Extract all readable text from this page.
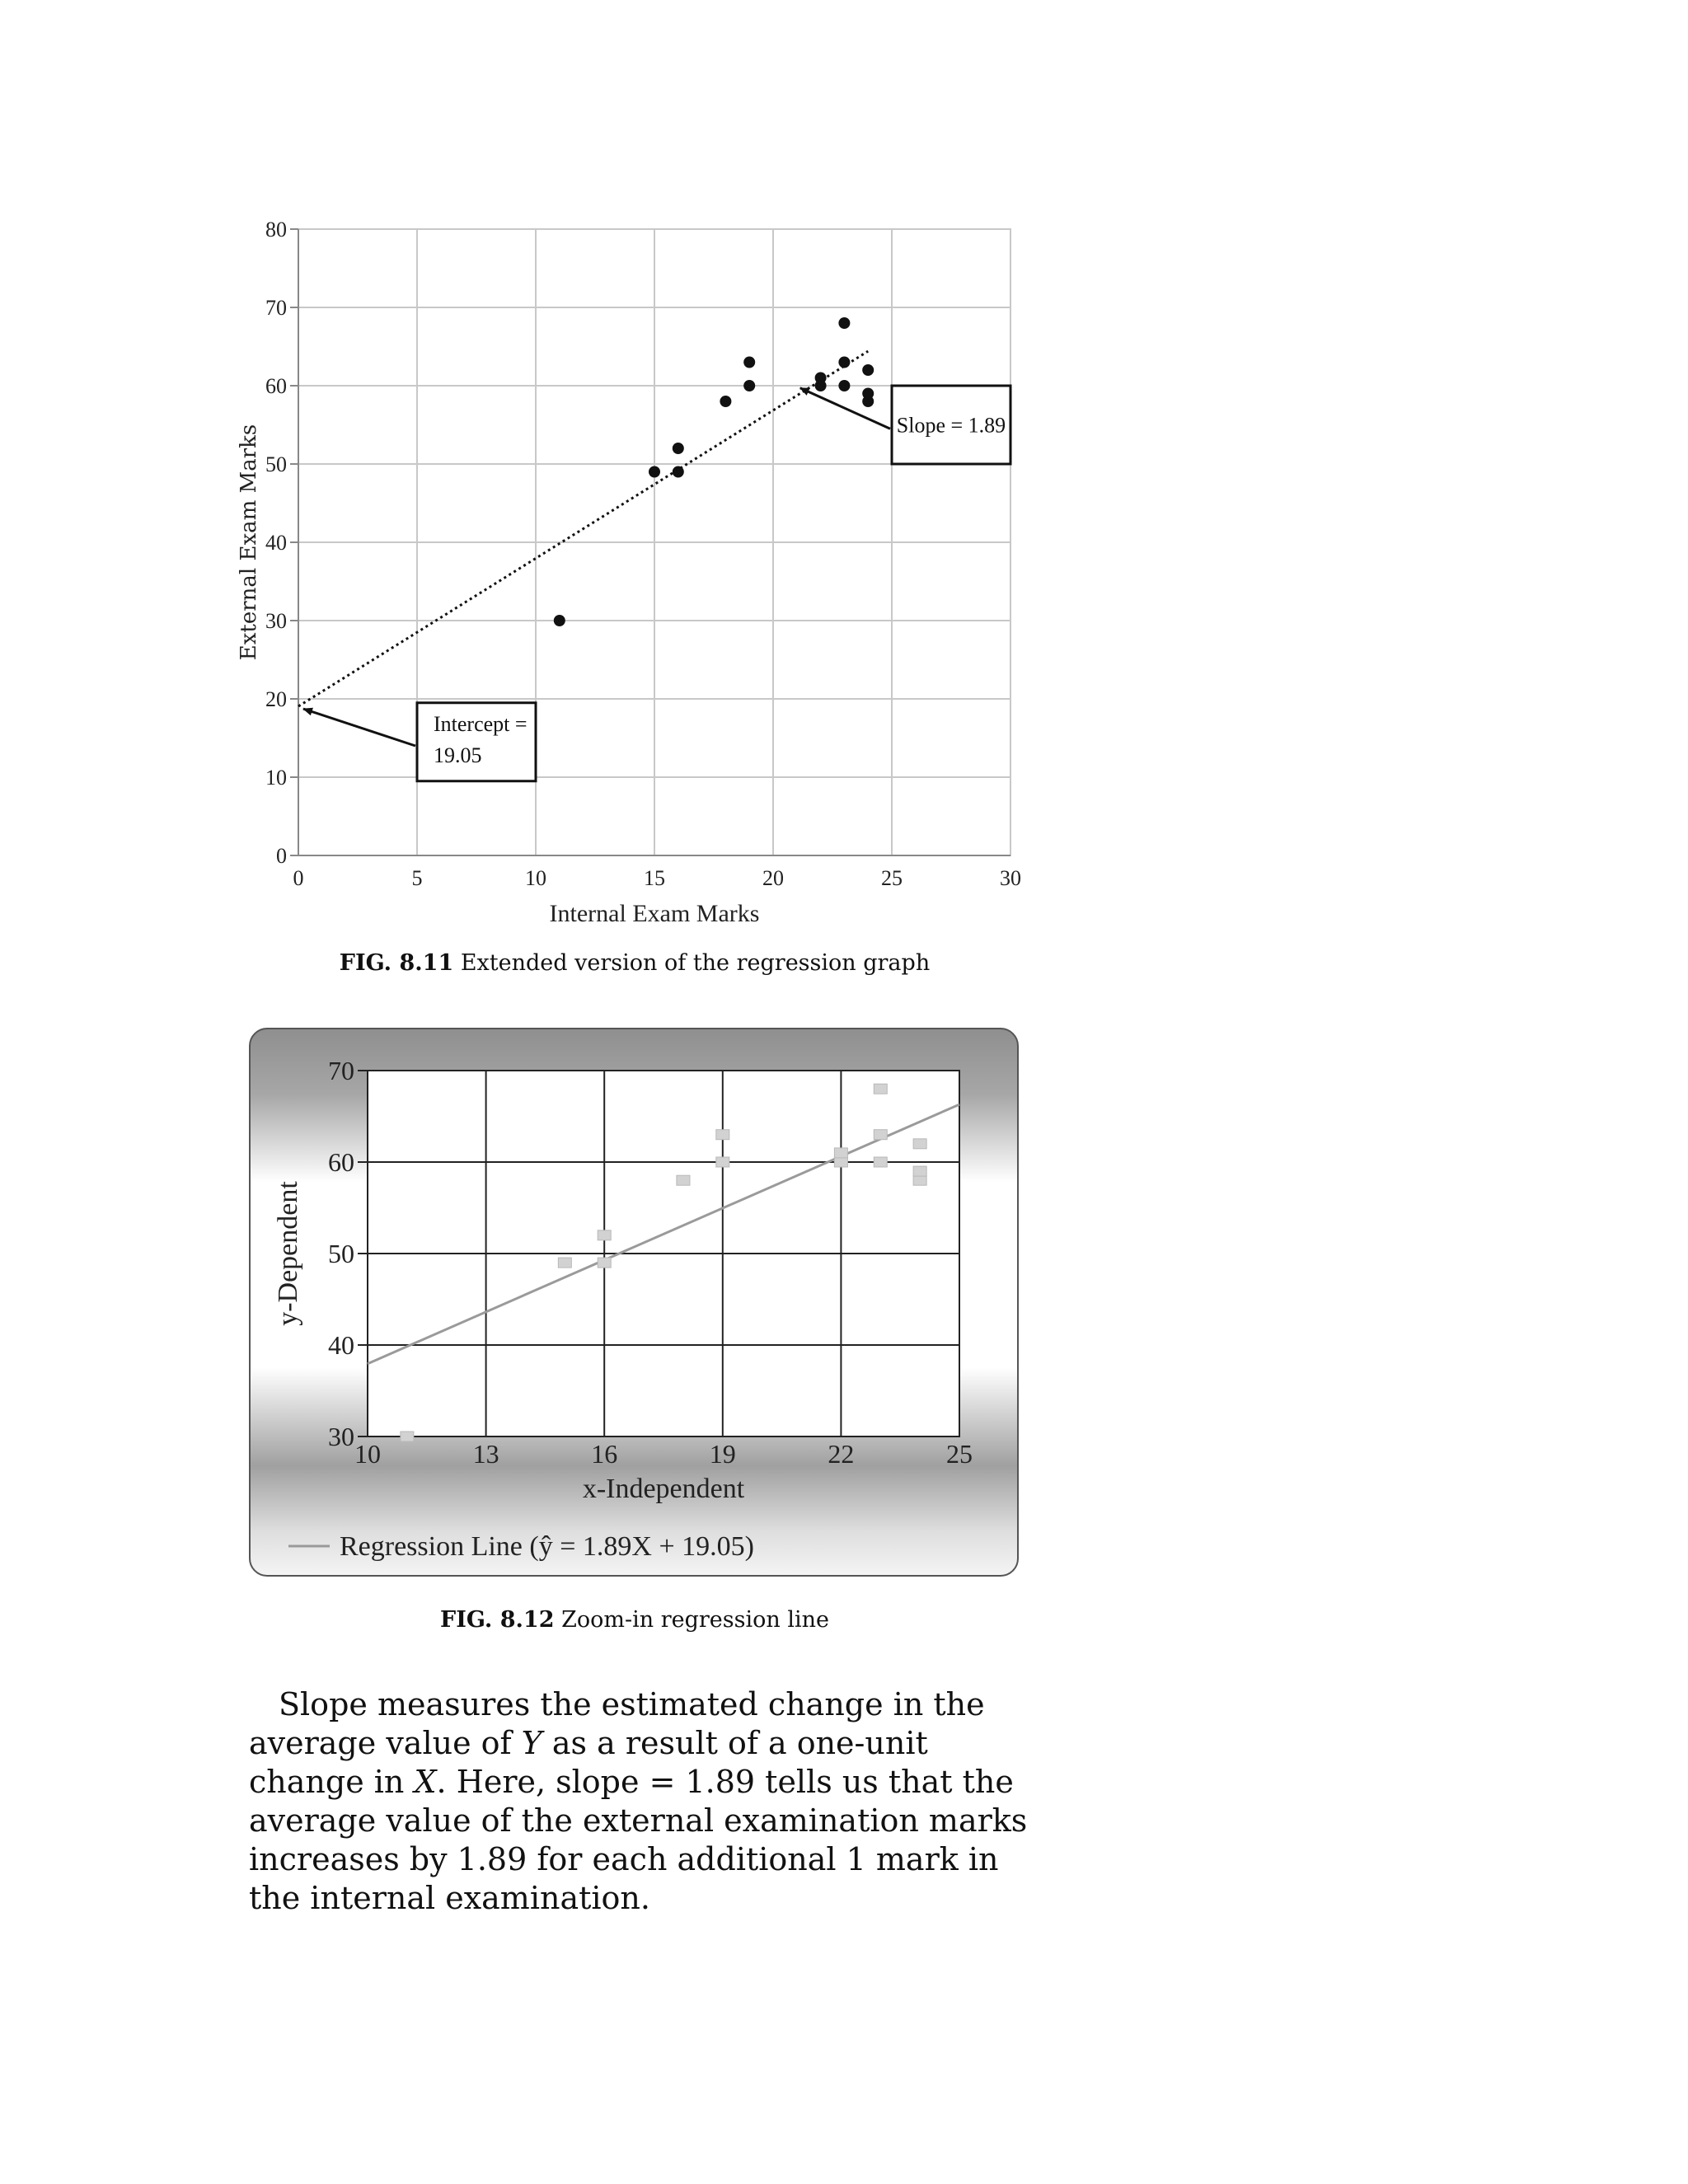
0	5	10	15	20	25	30
0
10
20
30
40
50
60
70
80
Internal Exam Marks
External Exam Marks
Intercept =
19.05
Slope = 1.89
FIG. 8.11 Extended version of the regression graph
10	13	16	19	22	25
30
40
50
60
70
x-Independent
y-Dependent
Regression Line (ŷ = 1.89X + 19.05)
FIG. 8.12 Zoom-in regression line

Slope measures the estimated change in the average value of Y as a result of a one-unit change in X. Here, slope = 1.89 tells us that the average value of the external examination marks increases by 1.89 for each additional 1 mark in the internal examination.
